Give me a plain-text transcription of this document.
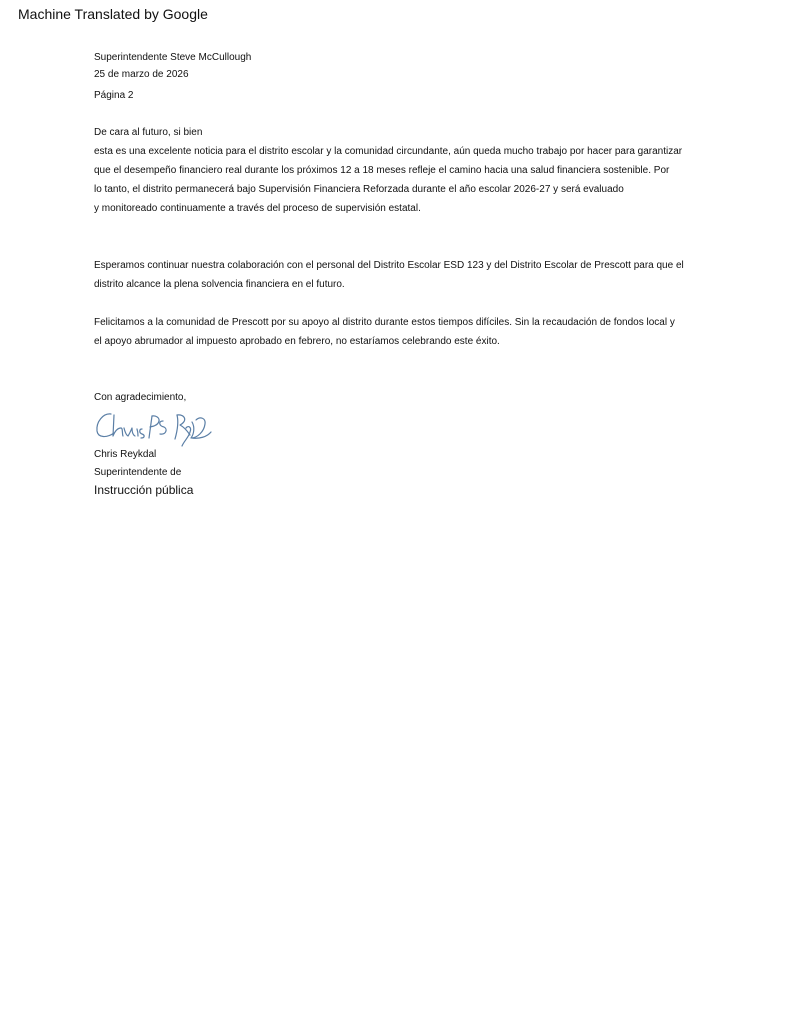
Machine Translated by Google
Superintendente Steve McCullough
25 de marzo de 2026
Página 2
De cara al futuro, si bien
esta es una excelente noticia para el distrito escolar y la comunidad circundante, aún queda mucho trabajo por hacer para garantizar
que el desempeño financiero real durante los próximos 12 a 18 meses refleje el camino hacia una salud financiera sostenible. Por
lo tanto, el distrito permanecerá bajo Supervisión Financiera Reforzada durante el año escolar 2026-27 y será evaluado
y monitoreado continuamente a través del proceso de supervisión estatal.
Esperamos continuar nuestra colaboración con el personal del Distrito Escolar ESD 123 y del Distrito Escolar de Prescott para que el
distrito alcance la plena solvencia financiera en el futuro.
Felicitamos a la comunidad de Prescott por su apoyo al distrito durante estos tiempos difíciles. Sin la recaudación de fondos local y
el apoyo abrumador al impuesto aprobado en febrero, no estaríamos celebrando este éxito.
Con agradecimiento,
Chris Reykdal
Superintendente de
Instrucción pública
